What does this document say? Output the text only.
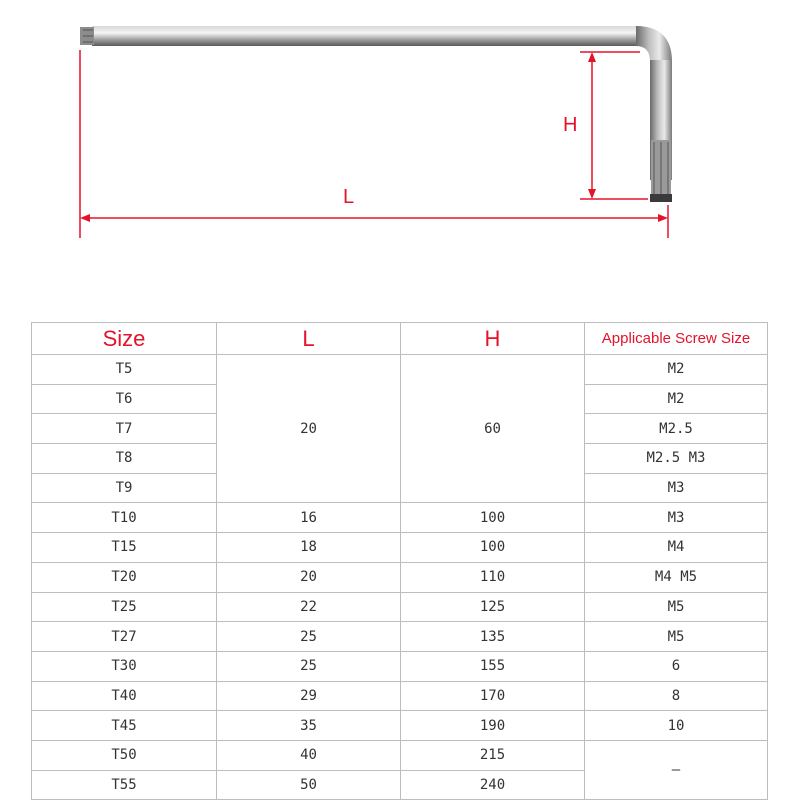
L
H
Size	L	H	Applicable Screw Size
T5	20	60	M2
T6			M2
T7			M2.5
T8			M2.5 M3
T9			M3
T10	16	100	M3
T15	18	100	M4
T20	20	110	M4 M5
T25	22	125	M5
T27	25	135	M5
T30	25	155	6
T40	29	170	8
T45	35	190	10
T50	40	215	–
T55	50	240	
